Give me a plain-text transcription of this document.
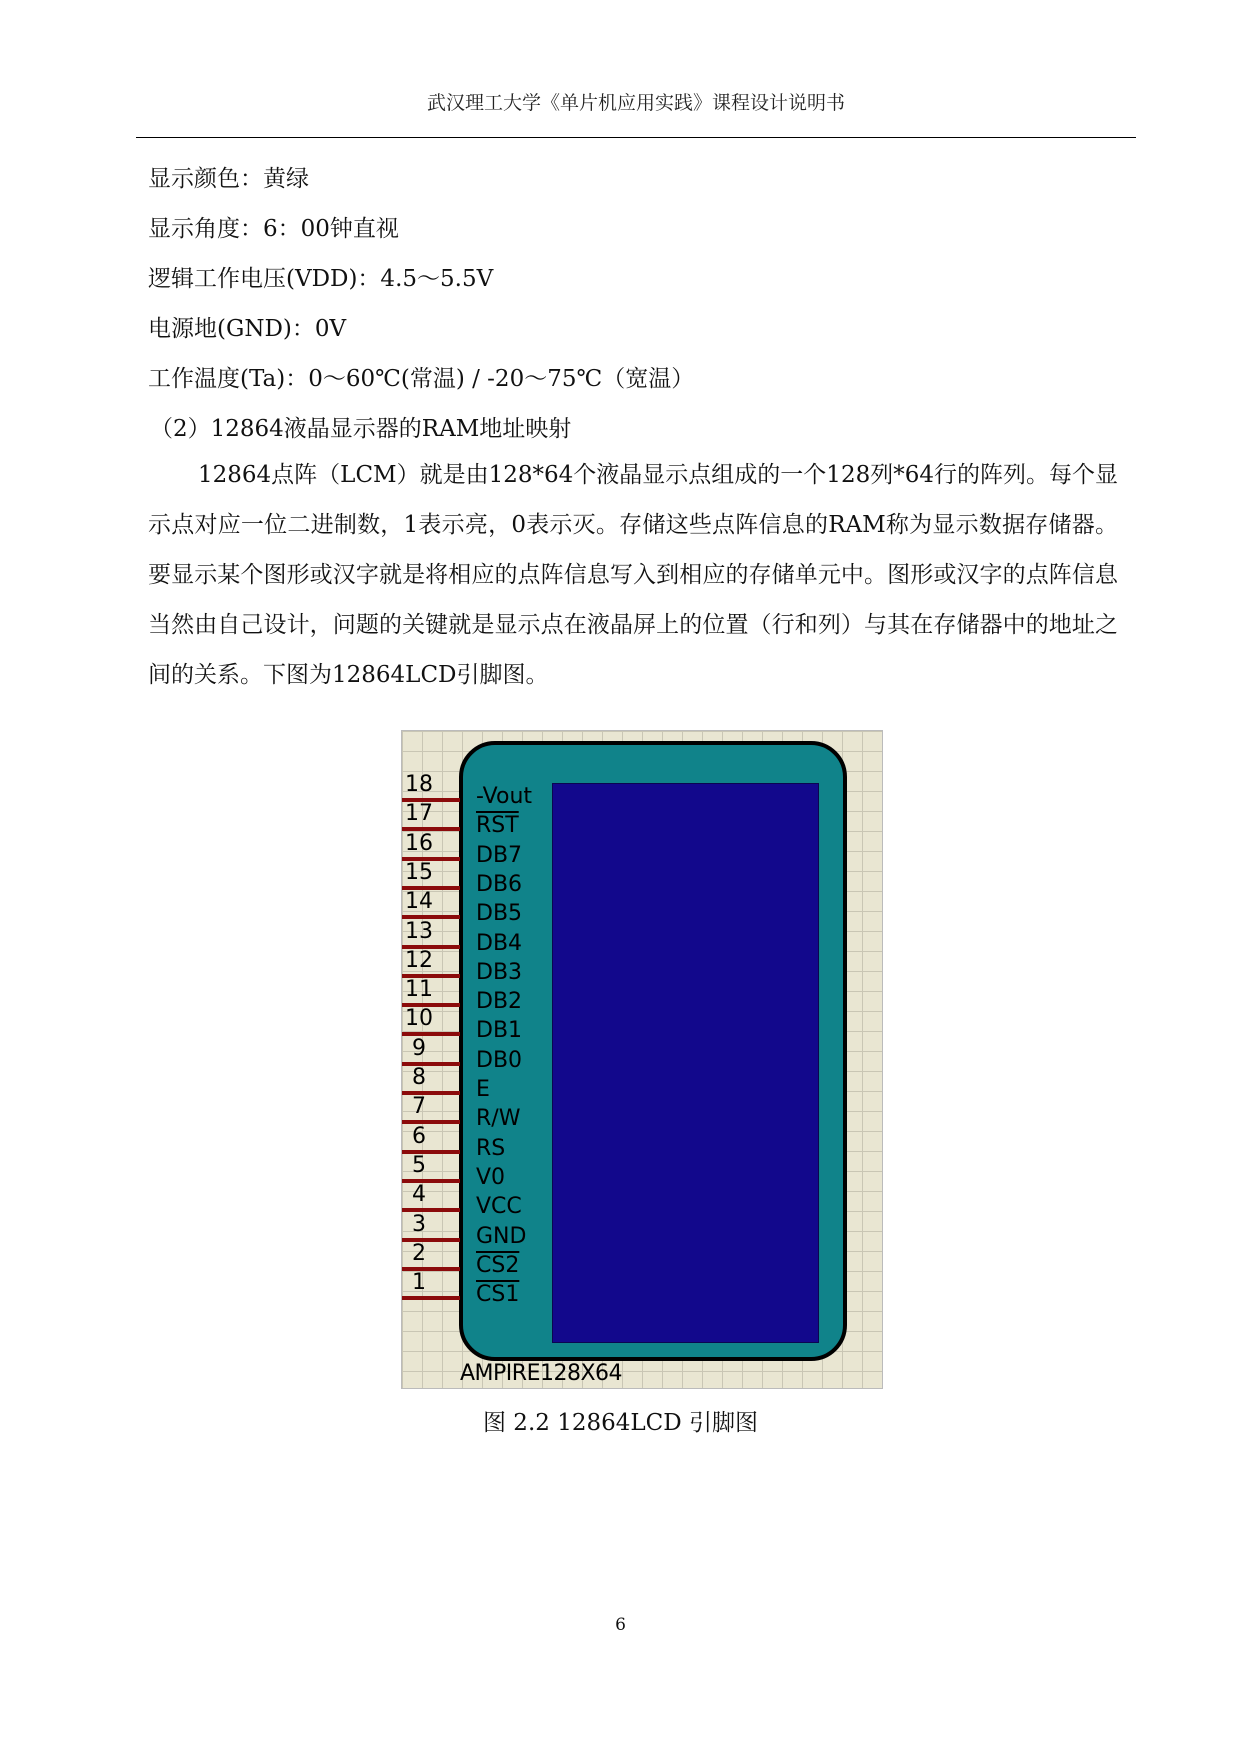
武汉理工大学《单片机应用实践》课程设计说明书
显示颜色：黄绿
显示角度：6：00钟直视
逻辑工作电压(VDD)：4.5～5.5V
电源地(GND)：0V
工作温度(Ta)：0～60℃(常温) / -20～75℃（宽温）
（2）12864液晶显示器的RAM地址映射
12864点阵（LCM）就是由128*64个液晶显示点组成的一个128列*64行的阵列。每个显示点对应一位二进制数，1表示亮，0表示灭。存储这些点阵信息的RAM称为显示数据存储器。要显示某个图形或汉字就是将相应的点阵信息写入到相应的存储单元中。图形或汉字的点阵信息当然由自己设计，问题的关键就是显示点在液晶屏上的位置（行和列）与其在存储器中的地址之间的关系。下图为12864LCD引脚图。
18 -Vout
17 $\overline{RST}$
16 DB7
15 DB6
14 DB5
13 DB4
12 DB3
11 DB2
10 DB1
9	DB0
8	E
7	R/W
6	RS
5	V0
4	VCC
3	GND
2	CS2
1	CS1
AMPIRE128X64
图 2.2 12864LCD 引脚图
6
